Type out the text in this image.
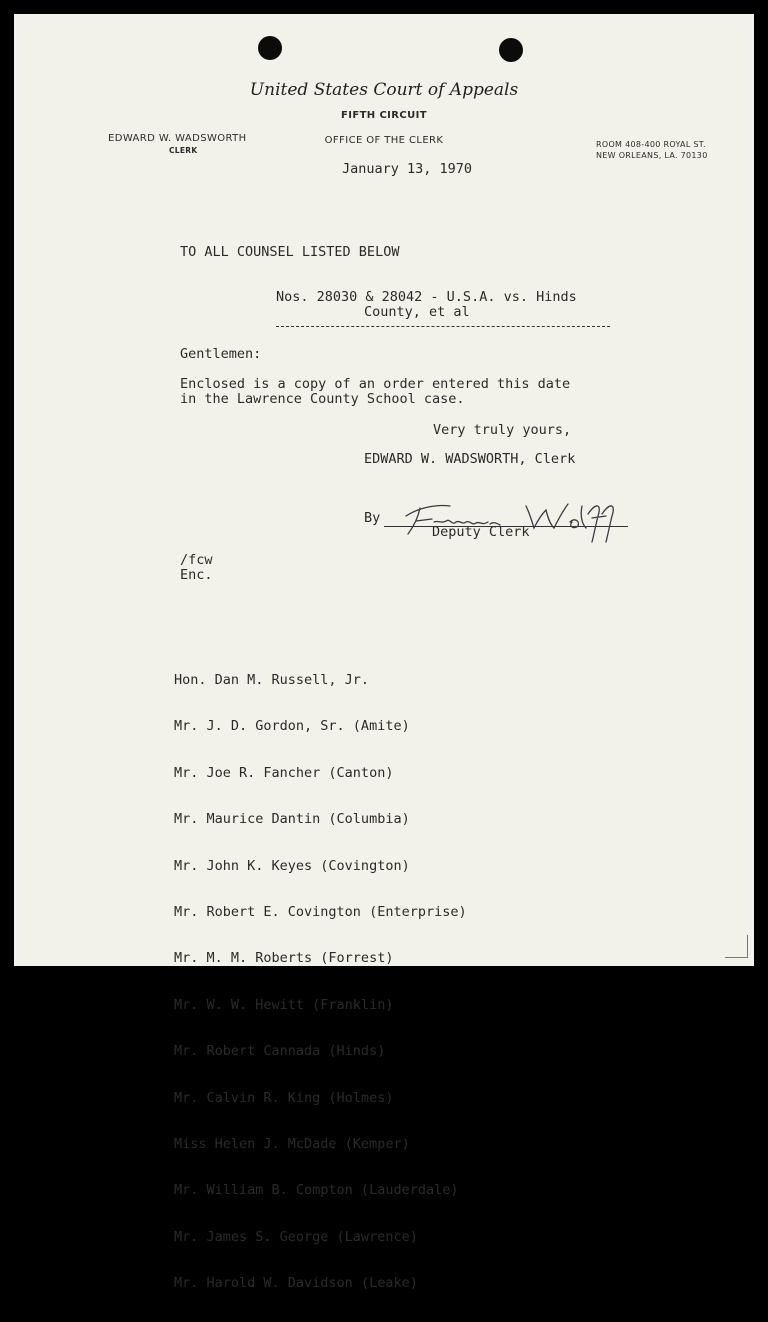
United States Court of Appeals
FIFTH CIRCUIT
OFFICE OF THE CLERK
EDWARD W. WADSWORTH
CLERK
ROOM 408-400 ROYAL ST.
NEW ORLEANS, LA. 70130
January 13, 1970
TO ALL COUNSEL LISTED BELOW
Nos. 28030 & 28042 - U.S.A. vs. Hinds
County, et al
Gentlemen:
Enclosed is a copy of an order entered this date
in the Lawrence County School case.
Very truly yours,
EDWARD W. WADSWORTH, Clerk
By
Frances Wolff
Deputy Clerk
/fcw
Enc.

Hon. Dan M. Russell, Jr.

Mr. J. D. Gordon, Sr. (Amite)

Mr. Joe R. Fancher (Canton)

Mr. Maurice Dantin (Columbia)

Mr. John K. Keyes (Covington)

Mr. Robert E. Covington (Enterprise)

Mr. M. M. Roberts (Forrest)

Mr. W. W. Hewitt (Franklin)

Mr. Robert Cannada (Hinds)

Mr. Calvin R. King (Holmes)

Miss Helen J. McDade (Kemper)

Mr. William B. Compton (Lauderdale)

Mr. James S. George (Lawrence)

Mr. Harold W. Davidson (Leake)
